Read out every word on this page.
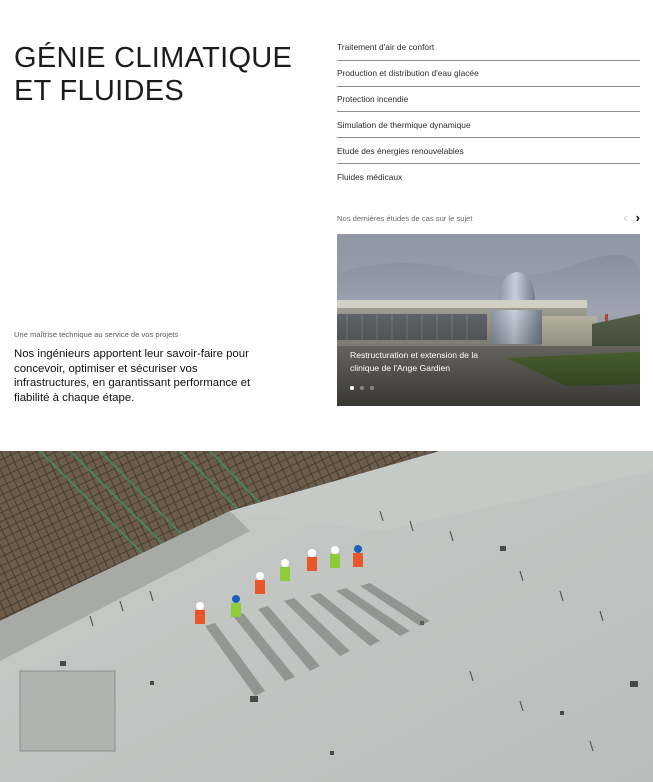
GÉNIE CLIMATIQUE
ET FLUIDES
Traitement d'air de confort
Production et distribution d'eau glacée
Protection incendie
Simulation de thermique dynamique
Etude des énergies renouvelables
Fluides médicaux
Une maîtrise technique au service de vos projets

Nos ingénieurs apportent leur savoir-faire pour concevoir, optimiser et sécuriser vos infrastructures, en garantissant performance et fiabilité à chaque étape.

Nos dernières études de cas sur le sujet	‹ ›
Restructuration et extension de la clinique de l'Ange Gardien
